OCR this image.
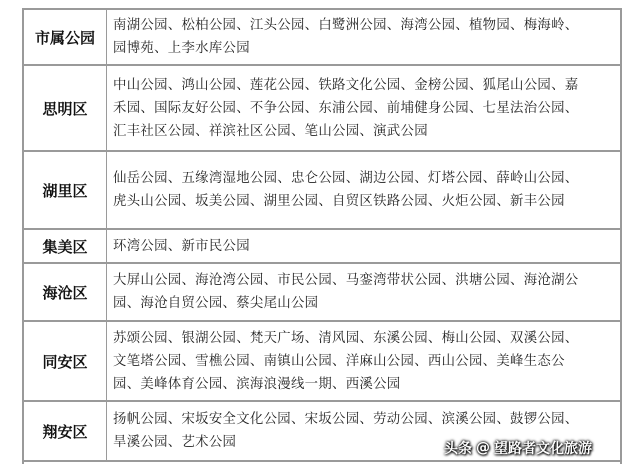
市属公园	南湖公园、松柏公园、江头公园、白鹭洲公园、海湾公园、植物园、梅海岭、
园博苑、上李水库公园

思明区	中山公园、鸿山公园、莲花公园、铁路文化公园、金榜公园、狐尾山公园、嘉
禾园、国际友好公园、不争公园、东浦公园、前埔健身公园、七星法治公园、
汇丰社区公园、祥滨社区公园、笔山公园、演武公园

湖里区	仙岳公园、五缘湾湿地公园、忠仑公园、湖边公园、灯塔公园、薛岭山公园、
虎头山公园、坂美公园、湖里公园、自贸区铁路公园、火炬公园、新丰公园

集美区	环湾公园、新市民公园

海沧区	大屏山公园、海沧湾公园、市民公园、马銮湾带状公园、洪塘公园、海沧湖公
园、海沧自贸公园、蔡尖尾山公园

同安区	苏颂公园、银湖公园、梵天广场、清风园、东溪公园、梅山公园、双溪公园、
文笔塔公园、雪樵公园、南镇山公园、洋麻山公园、西山公园、美峰生态公
园、美峰体育公园、滨海浪漫线一期、西溪公园

翔安区	扬帆公园、宋坂安全文化公园、宋坂公园、劳动公园、滨溪公园、鼓锣公园、
旱溪公园、艺术公园	头条 @ 望路者文化旅游
